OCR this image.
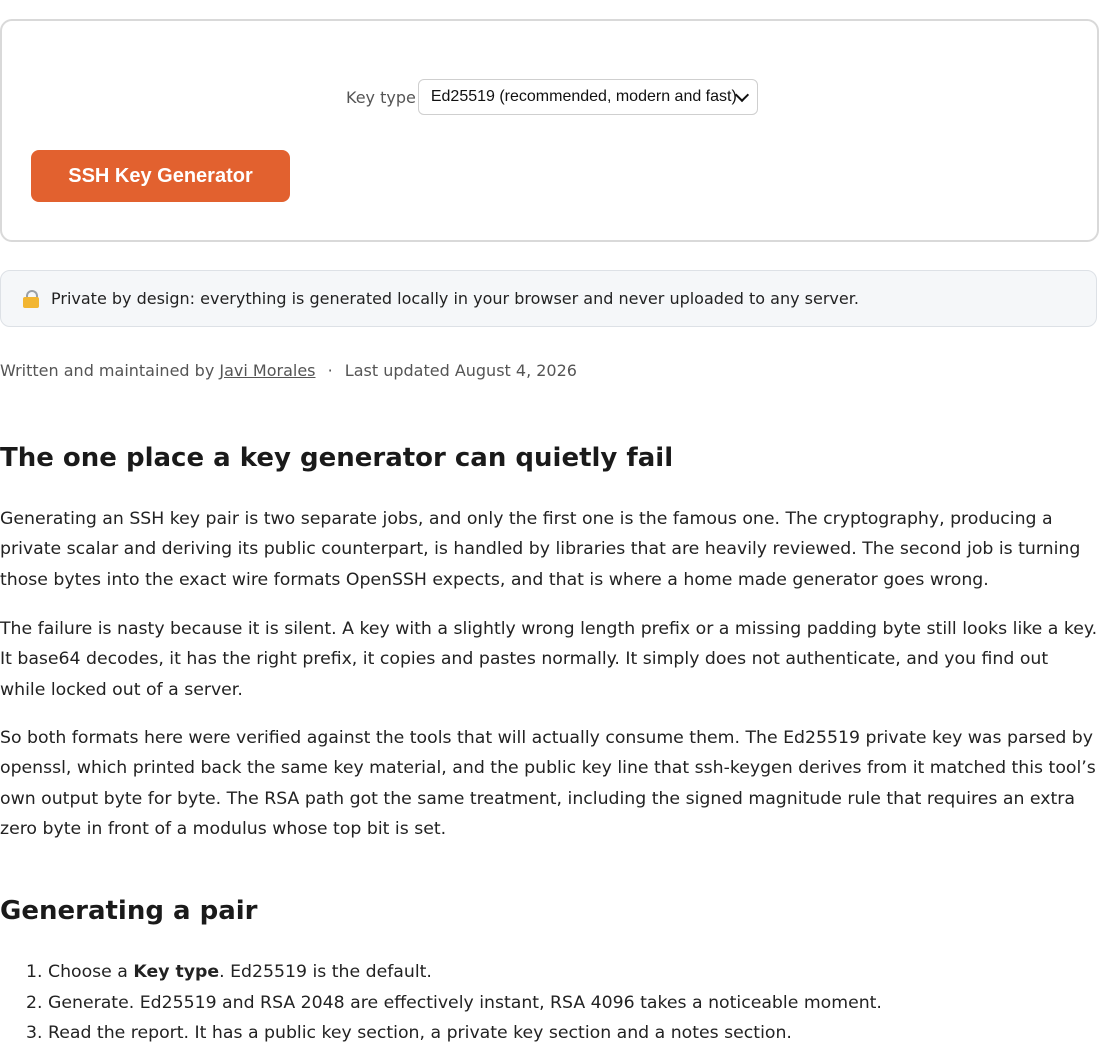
Key type Ed25519 (recommended, modern and fast)
SSH Key Generator
Private by design: everything is generated locally in your browser and never uploaded to any server.
Written and maintained by Javi Morales · Last updated August 4, 2026
The one place a key generator can quietly fail

Generating an SSH key pair is two separate jobs, and only the first one is the famous one. The cryptography, producing a private scalar and deriving its public counterpart, is handled by libraries that are heavily reviewed. The second job is turning those bytes into the exact wire formats OpenSSH expects, and that is where a home made generator goes wrong.

The failure is nasty because it is silent. A key with a slightly wrong length prefix or a missing padding byte still looks like a key. It base64 decodes, it has the right prefix, it copies and pastes normally. It simply does not authenticate, and you find out while locked out of a server.

So both formats here were verified against the tools that will actually consume them. The Ed25519 private key was parsed by openssl, which printed back the same key material, and the public key line that ssh-keygen derives from it matched this tool’s own output byte for byte. The RSA path got the same treatment, including the signed magnitude rule that requires an extra zero byte in front of a modulus whose top bit is set.

Generating a pair
1. Choose a Key type. Ed25519 is the default.
2. Generate. Ed25519 and RSA 2048 are effectively instant, RSA 4096 takes a noticeable moment.
3. Read the report. It has a public key section, a private key section and a notes section.
